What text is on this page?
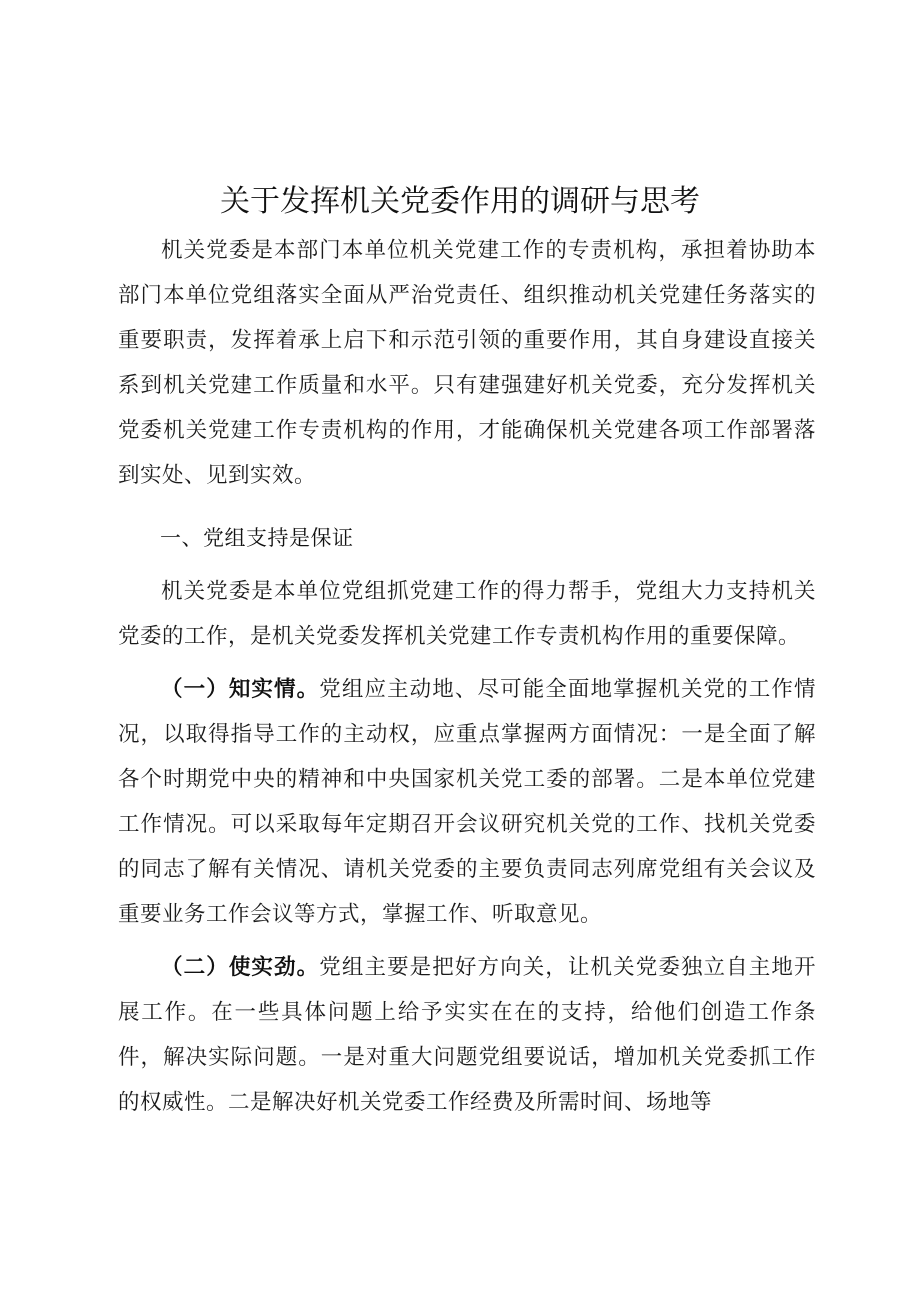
关于发挥机关党委作用的调研与思考

机关党委是本部门本单位机关党建工作的专责机构，承担着协助本部门本单位党组落实全面从严治党责任、组织推动机关党建任务落实的重要职责，发挥着承上启下和示范引领的重要作用，其自身建设直接关系到机关党建工作质量和水平。只有建强建好机关党委，充分发挥机关党委机关党建工作专责机构的作用，才能确保机关党建各项工作部署落到实处、见到实效。

一、党组支持是保证

机关党委是本单位党组抓党建工作的得力帮手，党组大力支持机关党委的工作，是机关党委发挥机关党建工作专责机构作用的重要保障。

（一）知实情。党组应主动地、尽可能全面地掌握机关党的工作情况，以取得指导工作的主动权，应重点掌握两方面情况：一是全面了解各个时期党中央的精神和中央国家机关党工委的部署。二是本单位党建工作情况。可以采取每年定期召开会议研究机关党的工作、找机关党委的同志了解有关情况、请机关党委的主要负责同志列席党组有关会议及重要业务工作会议等方式，掌握工作、听取意见。

（二）使实劲。党组主要是把好方向关，让机关党委独立自主地开展工作。在一些具体问题上给予实实在在的支持，给他们创造工作条件，解决实际问题。一是对重大问题党组要说话，增加机关党委抓工作的权威性。二是解决好机关党委工作经费及所需时间、场地等
